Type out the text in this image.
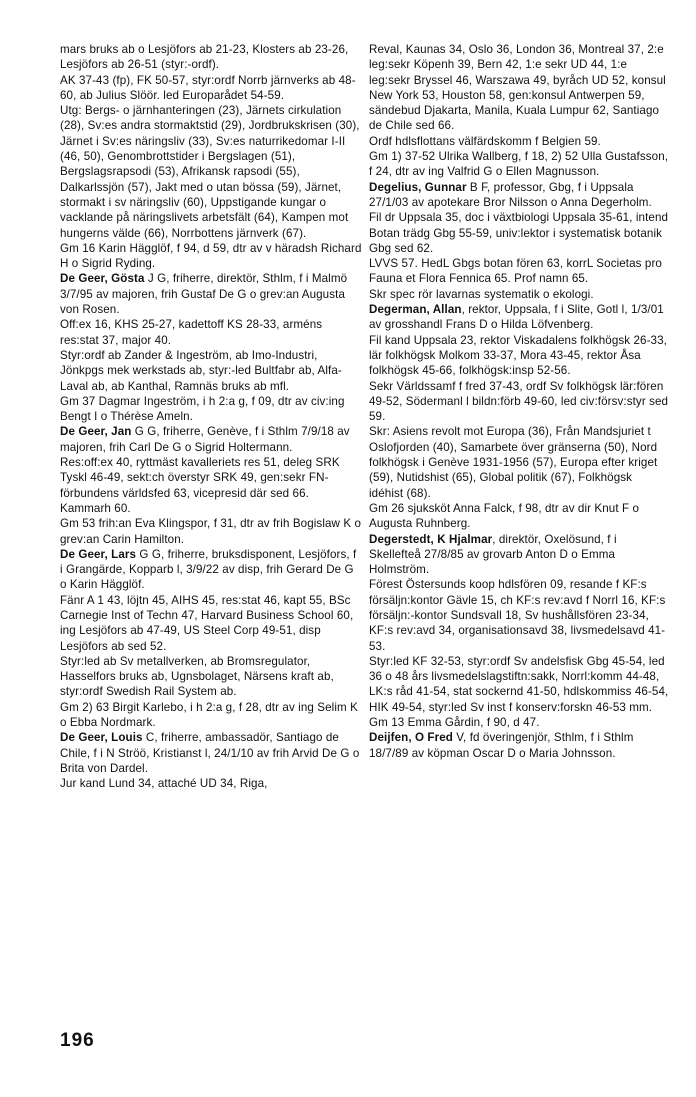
mars bruks ab o Lesjöfors ab 21-23, Klosters ab 23-26, Lesjöfors ab 26-51 (styr:-ordf).

AK 37-43 (fp), FK 50-57, styr:ordf Norrb järnverks ab 48-60, ab Julius Slöör. led Europarådet 54-59.

Utg: Bergs- o järnhanteringen (23), Järnets cirkulation (28), Sv:es andra stormaktstid (29), Jordbrukskrisen (30), Järnet i Sv:es näringsliv (33), Sv:es naturrikedomar I-II (46, 50), Genombrottstider i Bergslagen (51), Bergslagsrapsodi (53), Afrikansk rapsodi (55), Dalkarlssjön (57), Jakt med o utan bössa (59), Järnet, stormakt i sv näringsliv (60), Uppstigande kungar o vacklande på näringslivets arbetsfält (64), Kampen mot hungerns välde (66), Norrbottens järnverk (67).

Gm 16 Karin Hägglöf, f 94, d 59, dtr av v häradsh Richard H o Sigrid Ryding.

De Geer, Gösta J G, friherre, direktör, Sthlm, f i Malmö 3/7/95 av majoren, frih Gustaf De G o grev:an Augusta von Rosen.

Off:ex 16, KHS 25-27, kadettoff KS 28-33, arméns res:stat 37, major 40.

Styr:ordf ab Zander & Ingeström, ab Imo-Industri, Jönkpgs mek werkstads ab, styr:-led Bultfabr ab, Alfa-Laval ab, ab Kanthal, Ramnäs bruks ab mfl.

Gm 37 Dagmar Ingeström, i h 2:a g, f 09, dtr av civ:ing Bengt I o Thérèse Ameln.

De Geer, Jan G G, friherre, Genève, f i Sthlm 7/9/18 av majoren, frih Carl De G o Sigrid Holtermann.

Res:off:ex 40, ryttmäst kavalleriets res 51, deleg SRK Tyskl 46-49, sekt:ch överstyr SRK 49, gen:sekr FN-förbundens världsfed 63, vicepresid där sed 66.

Kammarh 60.

Gm 53 frih:an Eva Klingspor, f 31, dtr av frih Bogislaw K o grev:an Carin Hamilton.

De Geer, Lars G G, friherre, bruksdisponent, Lesjöfors, f i Grangärde, Kopparb l, 3/9/22 av disp, frih Gerard De G o Karin Hägglöf.

Fänr A 1 43, löjtn 45, AIHS 45, res:stat 46, kapt 55, BSc Carnegie Inst of Techn 47, Harvard Business School 60, ing Lesjöfors ab 47-49, US Steel Corp 49-51, disp Lesjöfors ab sed 52.

Styr:led ab Sv metallverken, ab Bromsregulator, Hasselfors bruks ab, Ugnsbolaget, Närsens kraft ab, styr:ordf Swedish Rail System ab.

Gm 2) 63 Birgit Karlebo, i h 2:a g, f 28, dtr av ing Selim K o Ebba Nordmark.

De Geer, Louis C, friherre, ambassadör, Santiago de Chile, f i N Ströö, Kristianst l, 24/1/10 av frih Arvid De G o Brita von Dardel.

Jur kand Lund 34, attaché UD 34, Riga,

Reval, Kaunas 34, Oslo 36, London 36, Montreal 37, 2:e leg:sekr Köpenh 39, Bern 42, 1:e sekr UD 44, 1:e leg:sekr Bryssel 46, Warszawa 49, byråch UD 52, konsul New York 53, Houston 58, gen:konsul Antwerpen 59, sändebud Djakarta, Manila, Kuala Lumpur 62, Santiago de Chile sed 66.

Ordf hdlsflottans välfärdskomm f Belgien 59.

Gm 1) 37-52 Ulrika Wallberg, f 18, 2) 52 Ulla Gustafsson, f 24, dtr av ing Valfrid G o Ellen Magnusson.

Degelius, Gunnar B F, professor, Gbg, f i Uppsala 27/1/03 av apotekare Bror Nilsson o Anna Degerholm.

Fil dr Uppsala 35, doc i växtbiologi Uppsala 35-61, intend Botan trädg Gbg 55-59, univ:lektor i systematisk botanik Gbg sed 62.

LVVS 57. HedL Gbgs botan fören 63, korrL Societas pro Fauna et Flora Fennica 65. Prof namn 65.

Skr spec rör lavarnas systematik o ekologi.

Degerman, Allan, rektor, Uppsala, f i Slite, Gotl l, 1/3/01 av grosshandl Frans D o Hilda Löfvenberg.

Fil kand Uppsala 23, rektor Viskadalens folkhögsk 26-33, lär folkhögsk Molkom 33-37, Mora 43-45, rektor Åsa folkhögsk 45-66, folkhögsk:insp 52-56.

Sekr Världssamf f fred 37-43, ordf Sv folkhögsk lär:fören 49-52, Södermanl l bildn:förb 49-60, led civ:försv:styr sed 59.

Skr: Asiens revolt mot Europa (36), Från Mandsjuriet t Oslofjorden (40), Samarbete över gränserna (50), Nord folkhögsk i Genève 1931-1956 (57), Europa efter kriget (59), Nutidshist (65), Global politik (67), Folkhögsk idéhist (68).

Gm 26 sjuksköt Anna Falck, f 98, dtr av dir Knut F o Augusta Ruhnberg.

Degerstedt, K Hjalmar, direktör, Oxelösund, f i Skellefteå 27/8/85 av grovarb Anton D o Emma Holmström.

Förest Östersunds koop hdlsfören 09, resande f KF:s försäljn:kontor Gävle 15, ch KF:s rev:avd f Norrl 16, KF:s försäljn:-kontor Sundsvall 18, Sv hushållsfören 23-34, KF:s rev:avd 34, organisationsavd 38, livsmedelsavd 41-53.

Styr:led KF 32-53, styr:ordf Sv andelsfisk Gbg 45-54, led 36 o 48 års livsmedelslagstiftn:sakk, Norrl:komm 44-48, LK:s råd 41-54, stat sockernd 41-50, hdlskommiss 46-54, HIK 49-54, styr:led Sv inst f konserv:forskn 46-53 mm.

Gm 13 Emma Gårdin, f 90, d 47.

Deijfen, O Fred V, fd överingenjör, Sthlm, f i Sthlm 18/7/89 av köpman Oscar D o Maria Johnsson.

196
